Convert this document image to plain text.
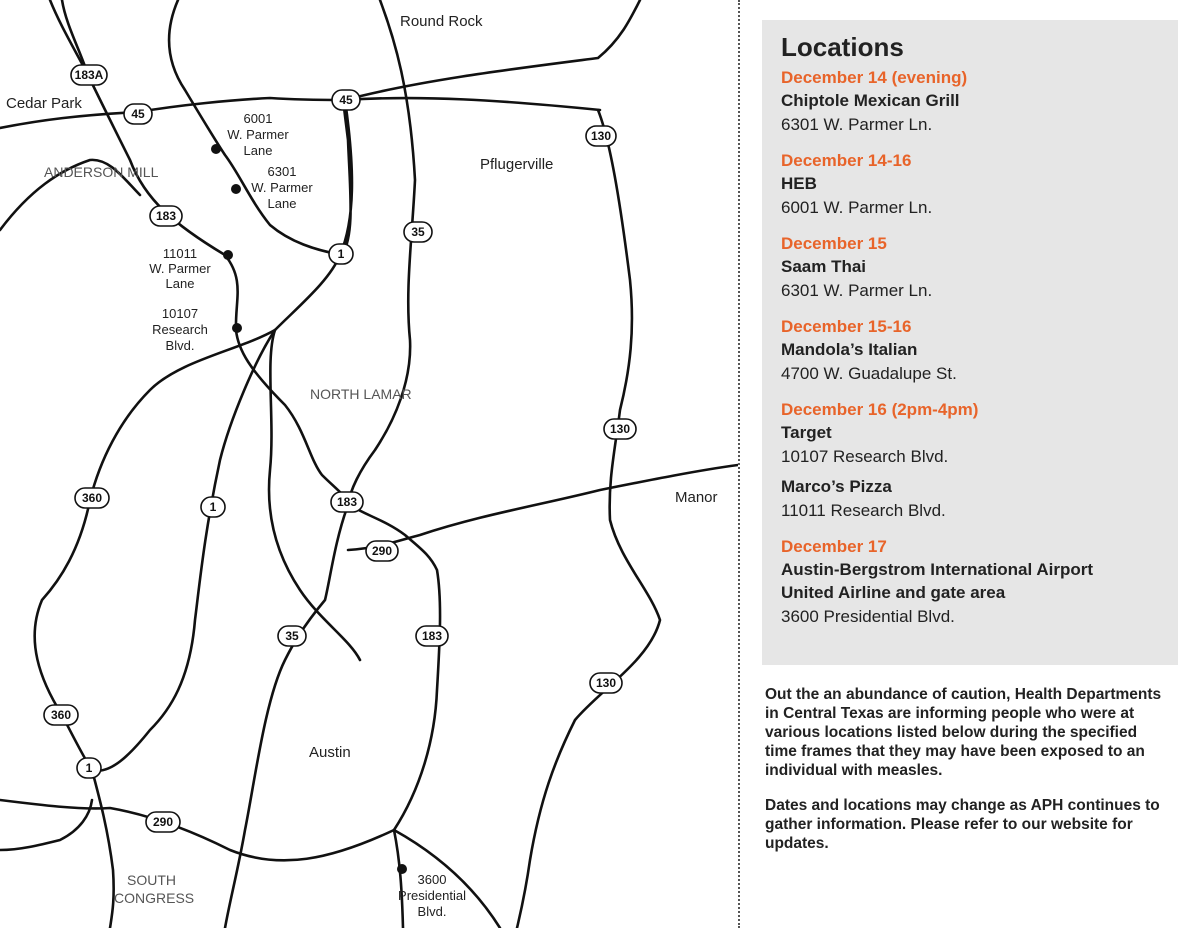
183A
45
45
130
183
35
1
130
360
1	183
290
35	183
130
360
1
290
Round Rock
Cedar Park
Pflugerville
Manor
Austin
ANDERSON MILL
NORTH LAMAR
SOUTH
CONGRESS
6001
W. Parmer
Lane
6301
W. Parmer
Lane
11011
W. Parmer
Lane
10107
Research
Blvd.
3600
Presidential
Blvd.
Locations
December 14 (evening)
Chiptole Mexican Grill
6301 W. Parmer Ln.
December 14-16
HEB
6001 W. Parmer Ln.
December 15
Saam Thai
6301 W. Parmer Ln.
December 15-16
Mandola’s Italian
4700 W. Guadalupe St.
December 16 (2pm-4pm)
Target
10107 Research Blvd.
Marco’s Pizza
11011 Research Blvd.
December 17
Austin-Bergstrom International Airport
United Airline and gate area
3600 Presidential Blvd.

Out the an abundance of caution, Health Departments in Central Texas are informing people who were at various locations listed below during the specified time frames that they may have been exposed to an individual with measles.

Dates and locations may change as APH continues to gather information. Please refer to our website for updates.
